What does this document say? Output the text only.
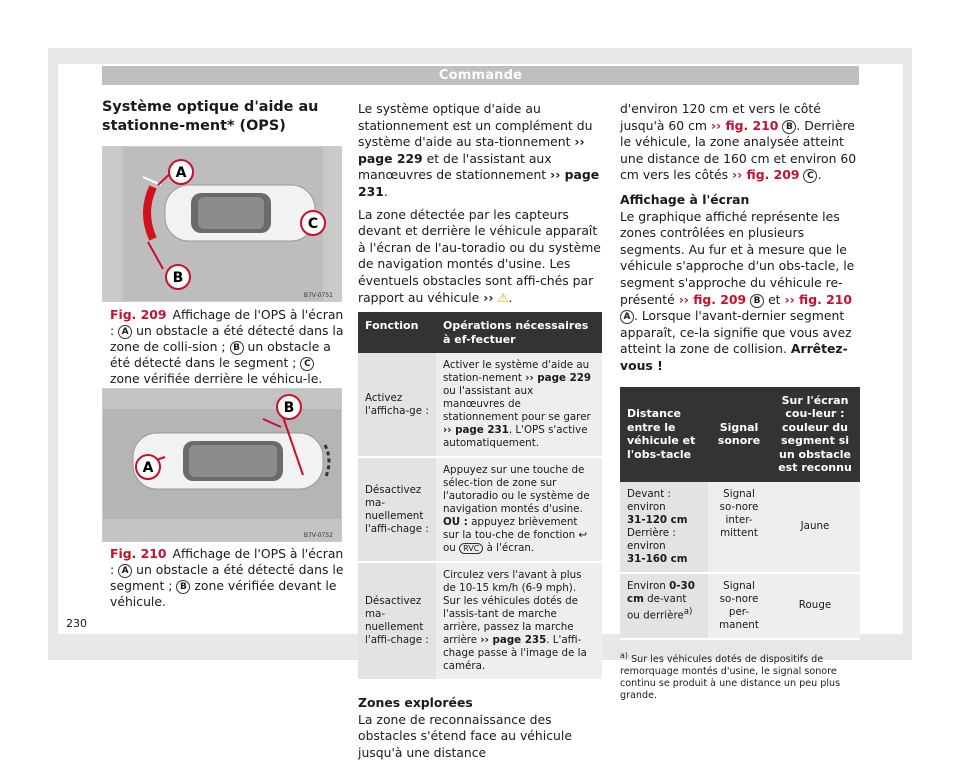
Commande
Système optique d'aide au stationne-ment* (OPS)
A
C
B
B7V-0751
Fig. 209 Affichage de l'OPS à l'écran : A un obstacle a été détecté dans la zone de colli-sion ; B un obstacle a été détecté dans le segment ; C zone vérifiée derrière le véhicu-le.
B
A
B7V-0752
Fig. 210 Affichage de l'OPS à l'écran : A un obstacle a été détecté dans le segment ; B zone vérifiée devant le véhicule.

Le système optique d'aide au stationnement est un complément du système d'aide au sta-tionnement ›› page 229 et de l'assistant aux manœuvres de stationnement ›› page 231.

La zone détectée par les capteurs devant et derrière le véhicule apparaît à l'écran de l'au-toradio ou du système de navigation montés d'usine. Les éventuels obstacles sont affi-chés par rapport au véhicule ›› ⚠.

Fonction	Opérations nécessaires à ef-fectuer
Activez l'afficha-ge :	Activer le système d'aide au station-nement ›› page 229 ou l'assistant aux manœuvres de stationnement pour se garer ›› page 231. L'OPS s'active automatiquement.
Désactivez ma-nuellement l'affi-chage :	Appuyez sur une touche de sélec-tion de zone sur l'autoradio ou le système de navigation montés d'usine. OU : appuyez brièvement sur la tou-che de fonction ↩ ou RVC à l'écran.
Désactivez ma-nuellement l'affi-chage :	Circulez vers l'avant à plus de 10-15 km/h (6-9 mph). Sur les véhicules dotés de l'assis-tant de marche arrière, passez la marche arrière ›› page 235. L'affi-chage passe à l'image de la caméra.
Zones explorées

La zone de reconnaissance des obstacles s'étend face au véhicule jusqu'à une distance

d'environ 120 cm et vers le côté jusqu'à 60 cm ›› fig. 210 B . Derrière le véhicule, la zone analysée atteint une distance de 160 cm et environ 60 cm vers les côtés ›› fig. 209 C .

Affichage à l'écran

Le graphique affiché représente les zones contrôlées en plusieurs segments. Au fur et à mesure que le véhicule s'approche d'un obs-tacle, le segment s'approche du véhicule re-présenté ›› fig. 209 B et ›› fig. 210 A . Lorsque l'avant-dernier segment apparaît, ce-la signifie que vous avez atteint la zone de collision. Arrêtez-vous !

Distance entre le véhicule et l'obs-tacle	Signal sonore	Sur l'écran cou-leur : couleur du segment si un obstacle est reconnu
Devant : environ
31-120 cm
Derrière : environ
31-160 cm	Signal so-nore inter-mittent	Jaune
Environ 0-30 cm de-vant ou derrière$^{a)}$	Signal so-nore per-manent	Rouge
$^{a)}$ Sur les véhicules dotés de dispositifs de remorquage montés d'usine, le signal sonore continu se produit à une distance un peu plus grande.
230
